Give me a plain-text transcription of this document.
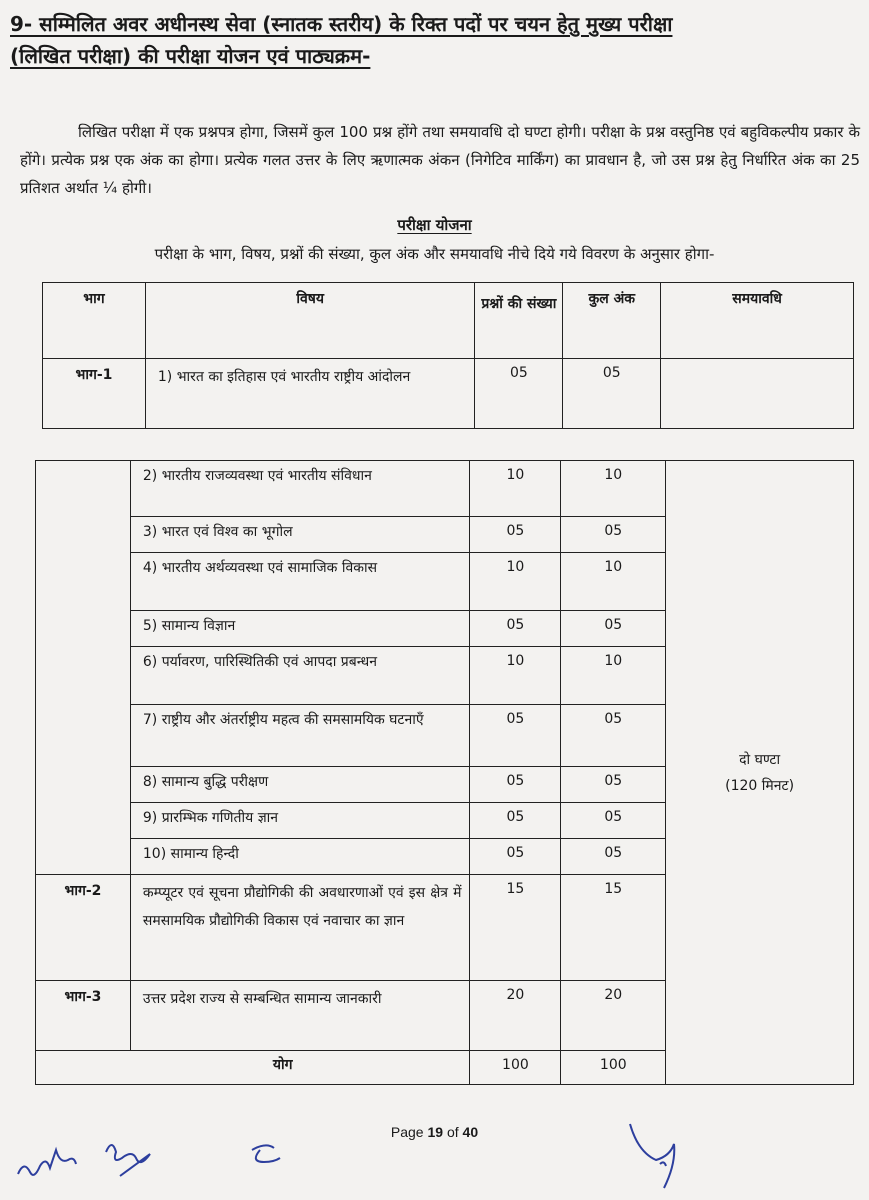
9- सम्मिलित अवर अधीनस्थ सेवा (स्नातक स्तरीय) के रिक्त पदों पर चयन हेतु मुख्य परीक्षा
(लिखित परीक्षा) की परीक्षा योजन एवं पाठ्यक्रम-
लिखित परीक्षा में एक प्रश्नपत्र होगा, जिसमें कुल 100 प्रश्न होंगे तथा समयावधि दो घण्टा होगी। परीक्षा के प्रश्न वस्तुनिष्ठ एवं बहुविकल्पीय प्रकार के होंगे। प्रत्येक प्रश्न एक अंक का होगा। प्रत्येक गलत उत्तर के लिए ऋणात्मक अंकन (निगेटिव मार्किंग) का प्रावधान है, जो उस प्रश्न हेतु निर्धारित अंक का 25 प्रतिशत अर्थात ¼ होगी।
परीक्षा योजना
परीक्षा के भाग, विषय, प्रश्नों की संख्या, कुल अंक और समयावधि नीचे दिये गये विवरण के अनुसार होगा-
भाग	विषय	प्रश्नों की संख्या	कुल अंक	समयावधि
भाग-1	1) भारत का इतिहास एवं भारतीय राष्ट्रीय आंदोलन	05	05	
	2) भारतीय राजव्यवस्था एवं भारतीय संविधान	10	10	दो घण्टा
(120 मिनट)
	3) भारत एवं विश्व का भूगोल	05	05	
	4) भारतीय अर्थव्यवस्था एवं सामाजिक विकास	10	10	
	5) सामान्य विज्ञान	05	05	
	6) पर्यावरण, पारिस्थितिकी एवं आपदा प्रबन्धन	10	10	
	7) राष्ट्रीय और अंतर्राष्ट्रीय महत्व की समसामयिक घटनाएँ	05	05	
	8) सामान्य बुद्धि परीक्षण	05	05	
	9) प्रारम्भिक गणितीय ज्ञान	05	05	
	10) सामान्य हिन्दी	05	05	
भाग-2	कम्प्यूटर एवं सूचना प्रौद्योगिकी की अवधारणाओं एवं इस क्षेत्र में समसामयिक प्रौद्योगिकी विकास एवं नवाचार का ज्ञान	15	15	
भाग-3	उत्तर प्रदेश राज्य से सम्बन्धित सामान्य जानकारी	20	20	
योग		100	100	
Page 19 of 40
